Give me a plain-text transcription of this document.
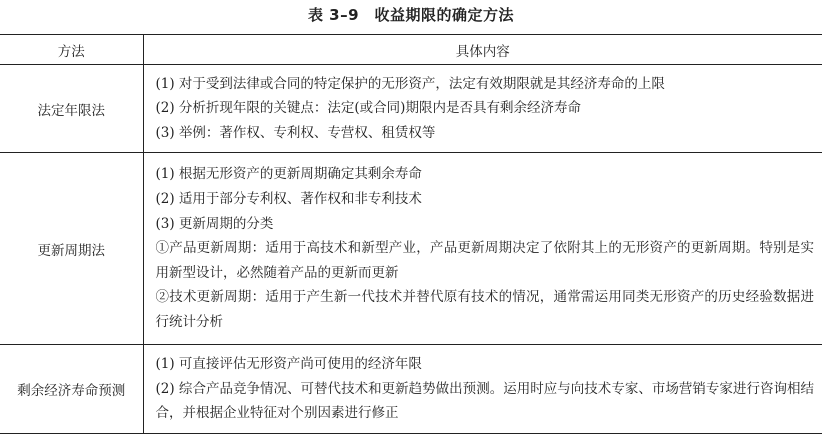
表 3–9　收益期限的确定方法
方法	具体内容
法定年限法	(1) 对于受到法律或合同的特定保护的无形资产，法定有效期限就是其经济寿命的上限
(2) 分析折现年限的关键点：法定(或合同)期限内是否具有剩余经济寿命
(3) 举例：著作权、专利权、专营权、租赁权等

更新周期法	(1) 根据无形资产的更新周期确定其剩余寿命
(2) 适用于部分专利权、著作权和非专利技术
(3) 更新周期的分类
①产品更新周期：适用于高技术和新型产业，产品更新周期决定了依附其上的无形资产的更新周期。特别是实用新型设计，必然随着产品的更新而更新
②技术更新周期：适用于产生新一代技术并替代原有技术的情况，通常需运用同类无形资产的历史经验数据进行统计分析

剩余经济寿命预测	(1) 可直接评估无形资产尚可使用的经济年限
(2) 综合产品竞争情况、可替代技术和更新趋势做出预测。运用时应与向技术专家、市场营销专家进行咨询相结合，并根据企业特征对个别因素进行修正
